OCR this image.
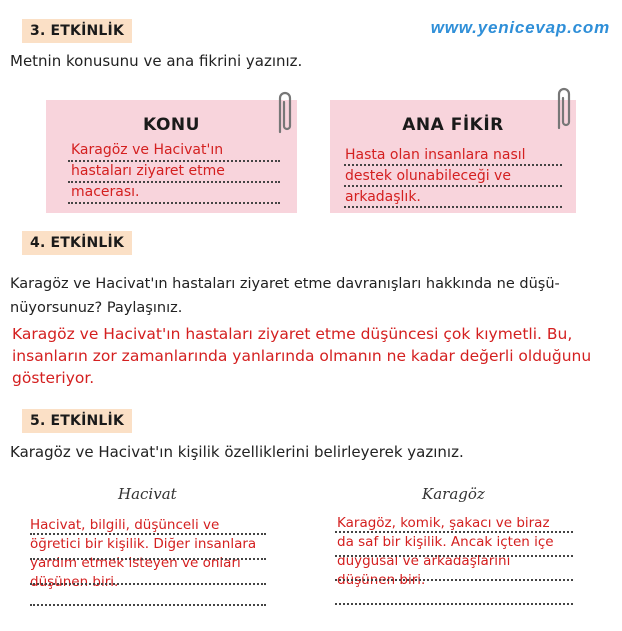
www.yenicevap.com
3. ETKİNLİK
Metnin konusunu ve ana fikrini yazınız.
KONU
Karagöz ve Hacivat'ın hastaları ziyaret etme macerası.
ANA FİKİR
Hasta olan insanlara nasıl destek olunabileceği ve arkadaşlık.
4. ETKİNLİK
Karagöz ve Hacivat'ın hastaları ziyaret etme davranışları hakkında ne düşü-
nüyorsunuz? Paylaşınız.
Karagöz ve Hacivat'ın hastaları ziyaret etme düşüncesi çok kıymetli. Bu, insanların zor zamanlarında yanlarında olmanın ne kadar değerli olduğunu gösteriyor.
5. ETKİNLİK
Karagöz ve Hacivat'ın kişilik özelliklerini belirleyerek yazınız.
Hacivat
Hacivat, bilgili, düşünceli ve öğretici bir kişilik. Diğer insanlara yardım etmek isteyen ve onları düşünen biri.
Karagöz
Karagöz, komik, şakacı ve biraz da saf bir kişilik. Ancak içten içe duygusal ve arkadaşlarını düşünen biri.
